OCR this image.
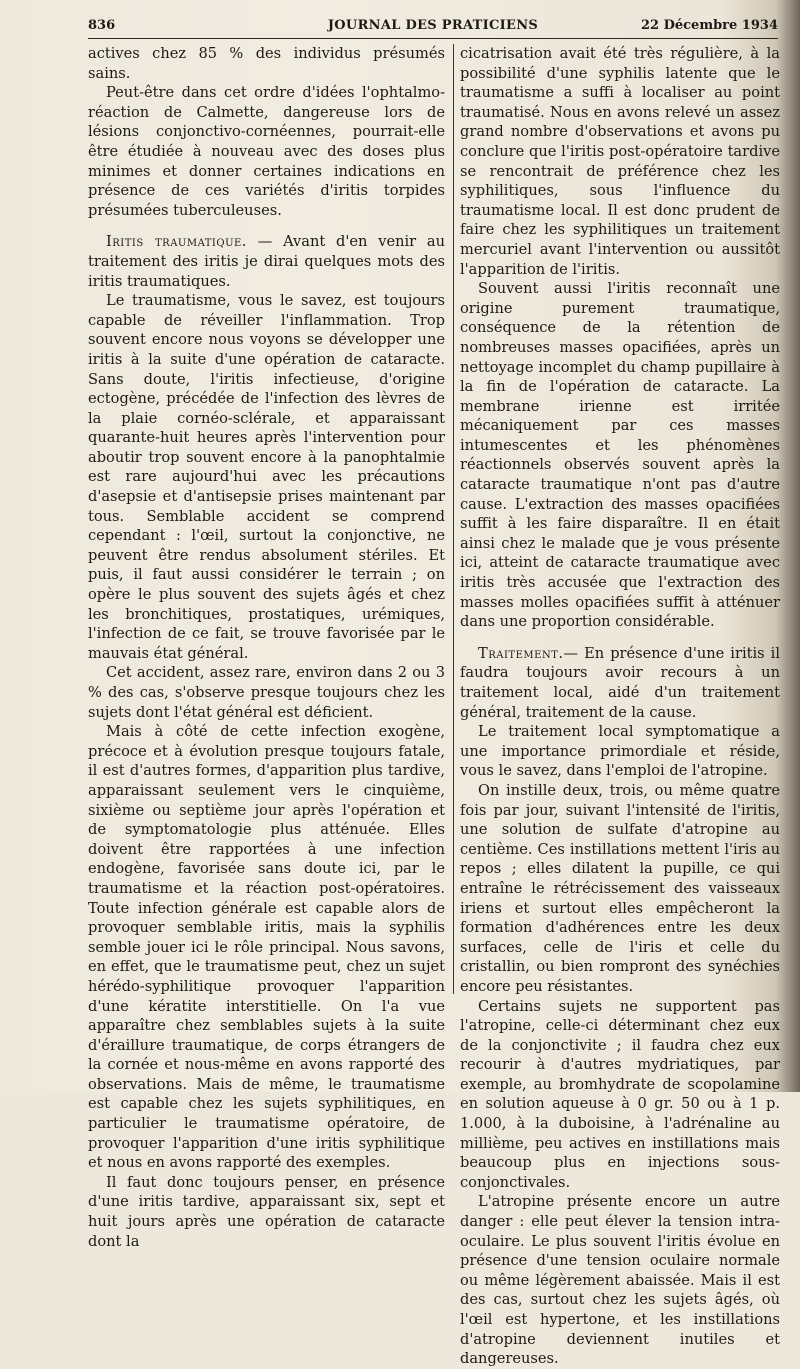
836	JOURNAL DES PRATICIENS	22 Décembre 1934

actives chez 85 % des individus présumés sains.

Peut-être dans cet ordre d'idées l'ophtalmo-réaction de Calmette, dangereuse lors de lésions conjonctivo-cornéennes, pourrait-elle être étudiée à nouveau avec des doses plus minimes et donner certaines indications en présence de ces variétés d'iritis torpides présumées tuberculeuses.

Iritis traumatique. — Avant d'en venir au traitement des iritis je dirai quelques mots des iritis traumatiques.

Le traumatisme, vous le savez, est toujours capable de réveiller l'inflammation. Trop souvent encore nous voyons se développer une iritis à la suite d'une opération de cataracte. Sans doute, l'iritis infectieuse, d'origine ectogène, précédée de l'infection des lèvres de la plaie cornéo-sclérale, et apparaissant quarante-huit heures après l'intervention pour aboutir trop souvent encore à la panophtalmie est rare aujourd'hui avec les précautions d'asepsie et d'antisepsie prises maintenant par tous. Semblable accident se comprend cependant : l'œil, surtout la conjonctive, ne peuvent être rendus absolument stériles. Et puis, il faut aussi considérer le terrain ; on opère le plus souvent des sujets âgés et chez les bronchitiques, prostatiques, urémiques, l'infection de ce fait, se trouve favorisée par le mauvais état général.

Cet accident, assez rare, environ dans 2 ou 3 % des cas, s'observe presque toujours chez les sujets dont l'état général est déficient.

Mais à côté de cette infection exogène, précoce et à évolution presque toujours fatale, il est d'autres formes, d'apparition plus tardive, apparaissant seulement vers le cinquième, sixième ou septième jour après l'opération et de symptomatologie plus atténuée. Elles doivent être rapportées à une infection endogène, favorisée sans doute ici, par le traumatisme et la réaction post-opératoires. Toute infection générale est capable alors de provoquer semblable iritis, mais la syphilis semble jouer ici le rôle principal. Nous savons, en effet, que le traumatisme peut, chez un sujet hérédo-syphilitique provoquer l'apparition d'une kératite interstitielle. On l'a vue apparaître chez semblables sujets à la suite d'éraillure traumatique, de corps étrangers de la cornée et nous-même en avons rapporté des observations. Mais de même, le traumatisme est capable chez les sujets syphilitiques, en particulier le traumatisme opératoire, de provoquer l'apparition d'une iritis syphilitique et nous en avons rapporté des exemples.

Il faut donc toujours penser, en présence d'une iritis tardive, apparaissant six, sept et huit jours après une opération de cataracte dont la

cicatrisation avait été très régulière, à la possibilité d'une syphilis latente que le traumatisme a suffi à localiser au point traumatisé. Nous en avons relevé un assez grand nombre d'observations et avons pu conclure que l'iritis post-opératoire tardive se rencontrait de préférence chez les syphilitiques, sous l'influence du traumatisme local. Il est donc prudent de faire chez les syphilitiques un traitement mercuriel avant l'intervention ou aussitôt l'apparition de l'iritis.

Souvent aussi l'iritis reconnaît une origine purement traumatique, conséquence de la rétention de nombreuses masses opacifiées, après un nettoyage incomplet du champ pupillaire à la fin de l'opération de cataracte. La membrane irienne est irritée mécaniquement par ces masses intumescentes et les phénomènes réactionnels observés souvent après la cataracte traumatique n'ont pas d'autre cause. L'extraction des masses opacifiées suffit à les faire disparaître. Il en était ainsi chez le malade que je vous présente ici, atteint de cataracte traumatique avec iritis très accusée que l'extraction des masses molles opacifiées suffit à atténuer dans une proportion considérable.

Traitement.— En présence d'une iritis il faudra toujours avoir recours à un traitement local, aidé d'un traitement général, traitement de la cause.

Le traitement local symptomatique a une importance primordiale et réside, vous le savez, dans l'emploi de l'atropine.

On instille deux, trois, ou même quatre fois par jour, suivant l'intensité de l'iritis, une solution de sulfate d'atropine au centième. Ces instillations mettent l'iris au repos ; elles dilatent la pupille, ce qui entraîne le rétrécissement des vaisseaux iriens et surtout elles empêcheront la formation d'adhérences entre les deux surfaces, celle de l'iris et celle du cristallin, ou bien rompront des synéchies encore peu résistantes.

Certains sujets ne supportent pas l'atropine, celle-ci déterminant chez eux de la conjonctivite ; il faudra chez eux recourir à d'autres mydriatiques, par exemple, au bromhydrate de scopolamine en solution aqueuse à 0 gr. 50 ou à 1 p. 1.000, à la duboisine, à l'adrénaline au millième, peu actives en instillations mais beaucoup plus en injections sous-conjonctivales.

L'atropine présente encore un autre danger : elle peut élever la tension intra-oculaire. Le plus souvent l'iritis évolue en présence d'une tension oculaire normale ou même légèrement abaissée. Mais il est des cas, surtout chez les sujets âgés, où l'œil est hypertone, et les instillations d'atropine deviennent inutiles et dangereuses.
